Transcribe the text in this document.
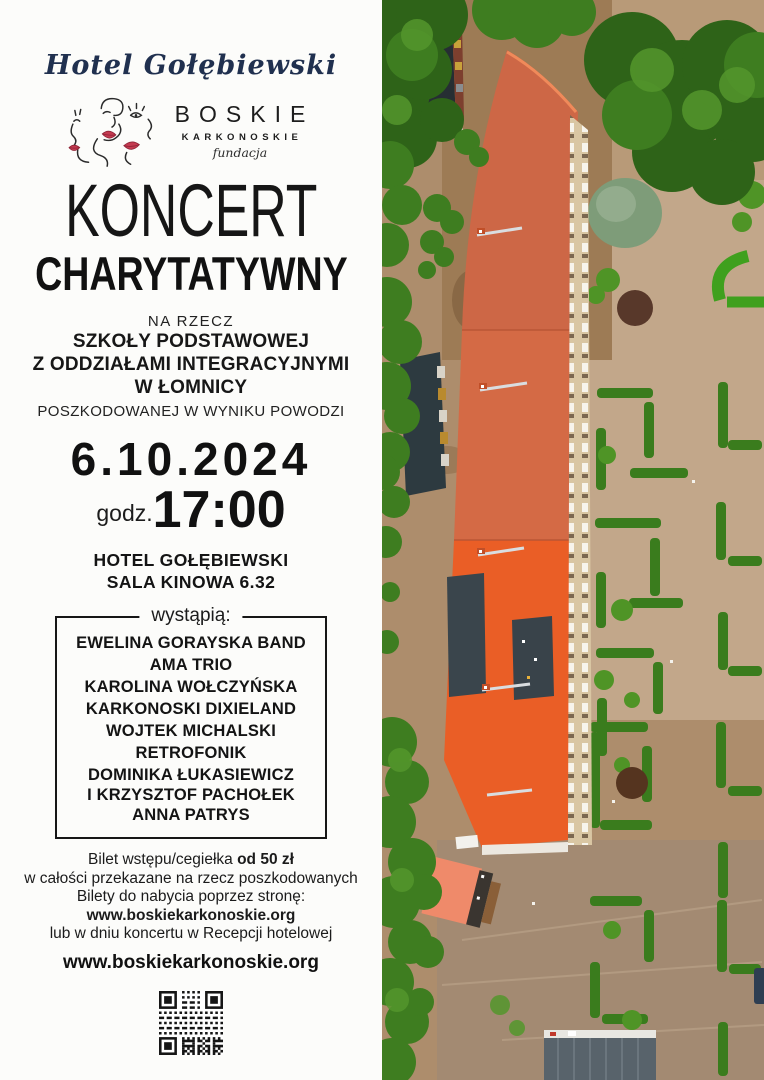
Hotel Gołębiewski
BOSKIE
KARKONOSKIE
fundacja
KONCERT
CHARYTATYWNY
NA RZECZ
SZKOŁY PODSTAWOWEJ
Z ODDZIAŁAMI INTEGRACYJNYMI
W ŁOMNICY
POSZKODOWANEJ W WYNIKU POWODZI
6.10.2024
godz. 17:00
HOTEL GOŁĘBIEWSKI
SALA KINOWA 6.32
wystąpią:
EWELINA GORAYSKA BAND
AMA TRIO
KAROLINA WOŁCZYŃSKA
KARKONOSKI DIXIELAND
WOJTEK MICHALSKI
RETROFONIK
DOMINIKA ŁUKASIEWICZ
I KRZYSZTOF PACHOŁEK
ANNA PATRYS
Bilet wstępu/cegiełka od 50 zł
w całości przekazane na rzecz poszkodowanych
Bilety do nabycia poprzez stronę:
www.boskiekarkonoskie.org
lub w dniu koncertu w Recepcji hotelowej
www.boskiekarkonoskie.org
